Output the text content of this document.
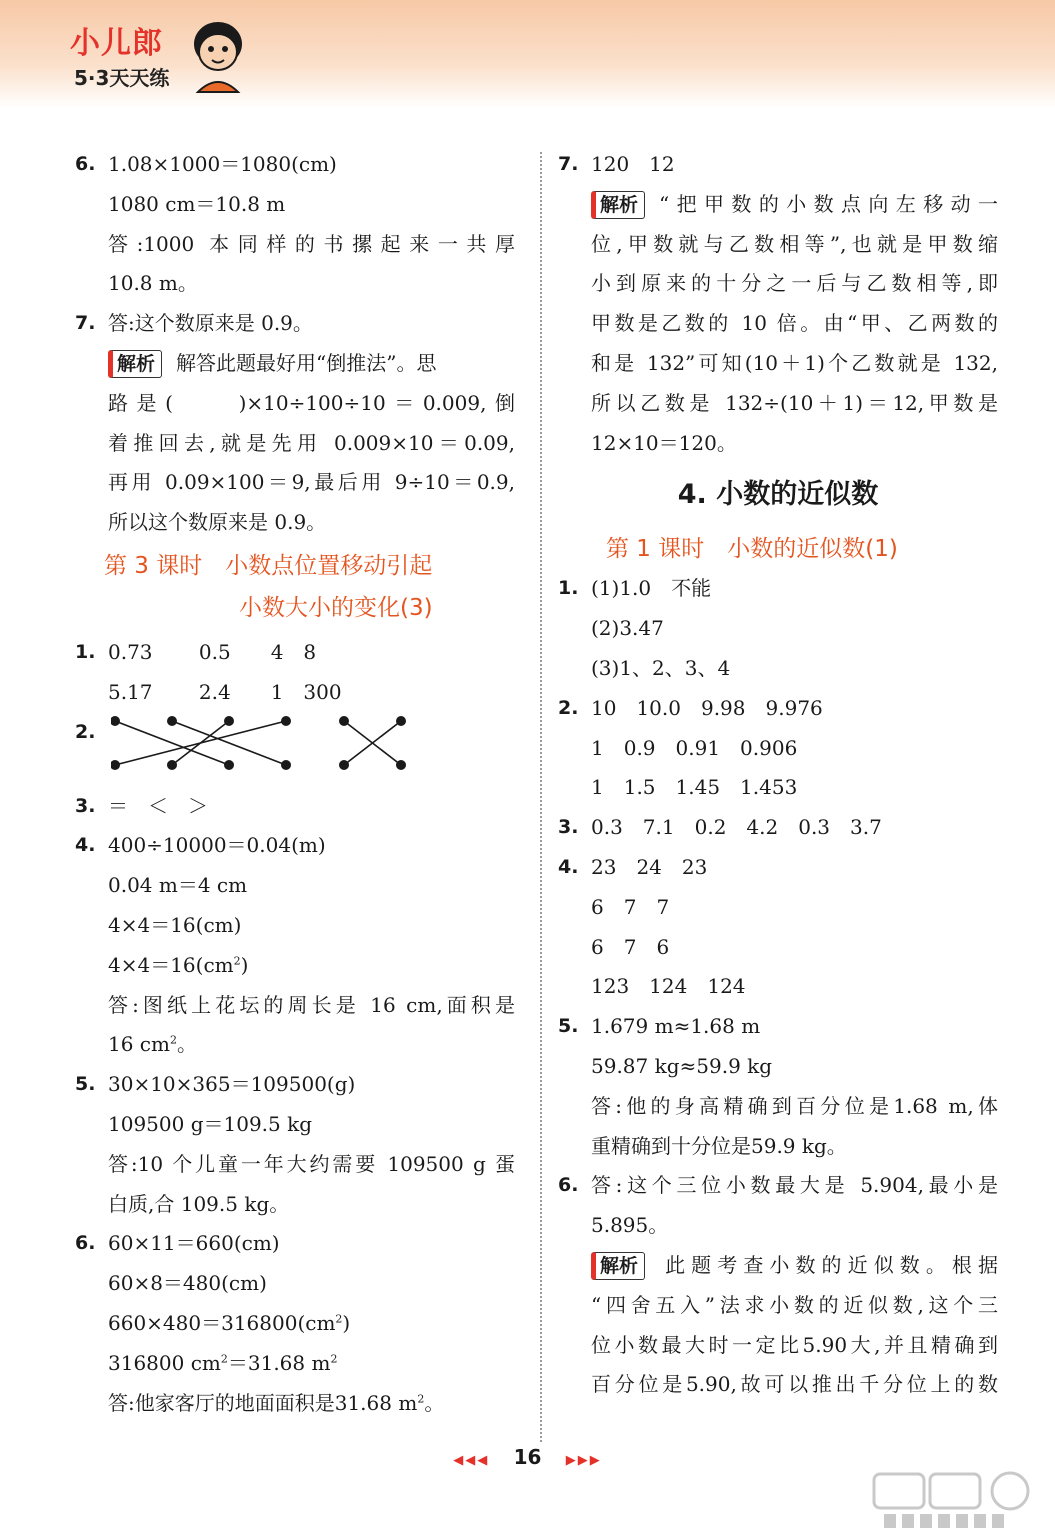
小儿郎
5·3天天练
6. 1.08×1000＝1080(cm)
1080 cm＝10.8 m
答:1000 本同样的书摞起来一共厚
10.8 m。
7. 答:这个数原来是 0.9。
解析 解答此题最好用“倒推法”。思
路是(　　)×10÷100÷10＝0.009,倒
着推回去,就是先用 0.009×10＝0.09,
再用 0.09×100＝9,最后用 9÷10＝0.9,
所以这个数原来是 0.9。
第 3 课时　小数点位置移动引起
小数大小的变化(3)
1. 0.73　　 0.5　　4　8
5.17　　 2.4　　1　300
2.
3. ＝　＜　＞
4. 400÷10000＝0.04(m)
0.04 m＝4 cm
4×4＝16(cm)
$4\times 4=16(cm^2)$
答:图纸上花坛的周长是 16 cm,面积是
16 $cm^2$。
5. 30×10×365＝109500(g)
109500 g＝109.5 kg
答:10 个儿童一年大约需要 109500 g 蛋
白质,合 109.5 kg。
6. 60×11＝660(cm)
60×8＝480(cm)
$660\times 480=316800(cm^2)$
316800 $cm^2=31.68$ $m^2$
答:他家客厅的地面面积是31.68 $m^2$。
7. 120　12
解析 “把甲数的小数点向左移动一
位,甲数就与乙数相等”,也就是甲数缩
小到原来的十分之一后与乙数相等,即
甲数是乙数的 10 倍。由“甲、乙两数的
和是 132”可知(10＋1)个乙数就是 132,
所以乙数是 132÷(10＋1)＝12,甲数是
12×10＝120。
4. 小数的近似数
第 1 课时　小数的近似数(1)
1. (1)1.0　不能
(2)3.47
(3)1、2、3、4
2. 10　10.0　9.98　9.976
1　0.9　0.91　0.906
1　1.5　1.45　1.453
3. 0.3　7.1　0.2　4.2　0.3　3.7
4. 23　24　23
6　7　7
6　7　6
123　124　124
5. 1.679 m≈1.68 m
59.87 kg≈59.9 kg
答:他的身高精确到百分位是1.68 m,体
重精确到十分位是59.9 kg。
6. 答:这个三位小数最大是 5.904,最小是
5.895。
解析 此题考查小数的近似数。根据
“四舍五入”法求小数的近似数,这个三
位小数最大时一定比5.90大,并且精确到
百分位是5.90,故可以推出千分位上的数
◀◀◀ 16 ▶▶▶
